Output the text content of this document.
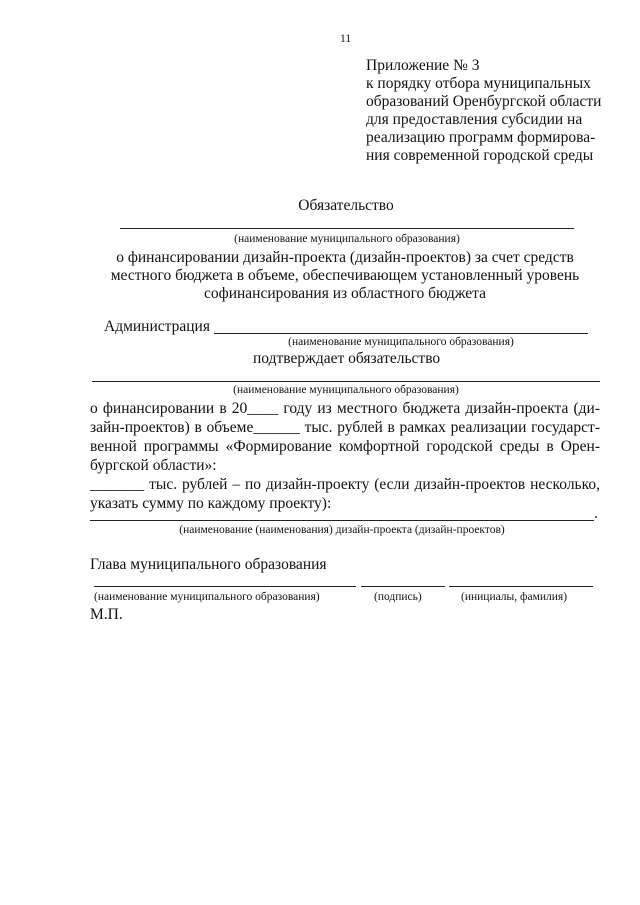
11
Приложение № 3
к порядку отбора муниципальных
образований Оренбургской области
для предоставления субсидии на
реализацию программ формирова-
ния современной городской среды
Обязательство
(наименование муниципального образования)
о финансировании дизайн-проекта (дизайн-проектов) за счет средств
местного бюджета в объеме, обеспечивающем установленный уровень
софинансирования из областного бюджета
Администрация
(наименование муниципального образования)
подтверждает обязательство
(наименование муниципального образования)
о финансировании в 20____ году из местного бюджета дизайн-проекта (ди-
зайн-проектов) в объеме______ тыс. рублей в рамках реализации государст-
венной программы «Формирование комфортной городской среды в Орен-
бургской области»:
_______ тыс. рублей – по дизайн-проекту (если дизайн-проектов несколько,
указать сумму по каждому проекту):
.
(наименование (наименования) дизайн-проекта (дизайн-проектов)
Глава муниципального образования
(наименование муниципального образования)	(подпись)	(инициалы, фамилия)
М.П.
